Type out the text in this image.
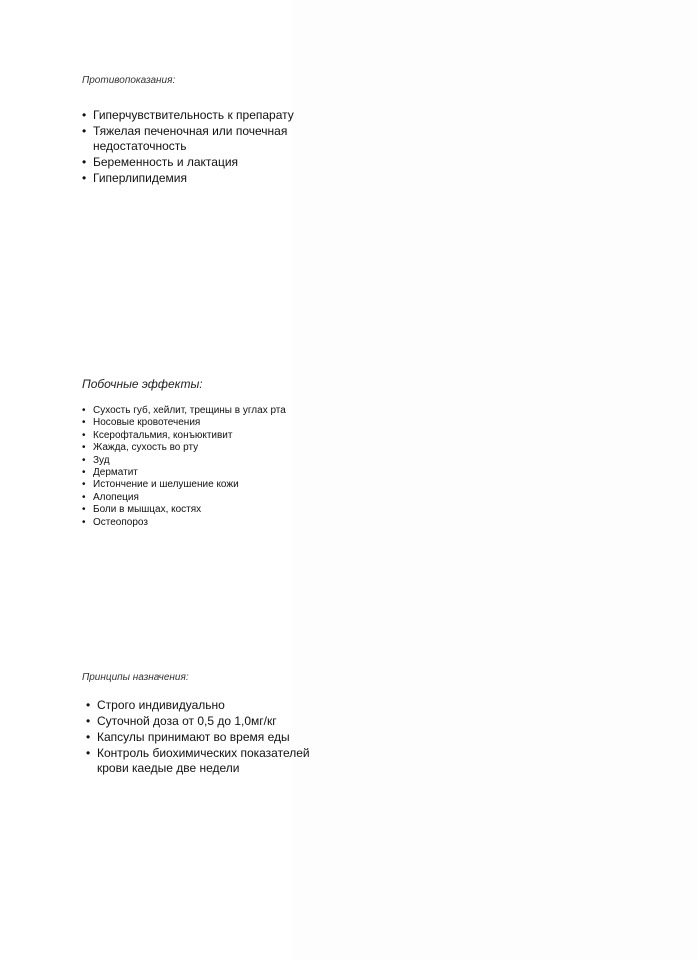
Противопоказания:

• Гиперчувствительность к препарату
• Тяжелая печеночная или почечная недостаточность
• Беременность и лактация
• Гиперлипидемия

Побочные эффекты:

• Сухость губ, хейлит, трещины в углах рта
• Носовые кровотечения
• Ксерофтальмия, конъюктивит
• Жажда, сухость во рту
• Зуд
• Дерматит
• Истончение и шелушение кожи
• Алопеция
• Боли в мышцах, костях
• Остеопороз

Принципы назначения:

• Строго индивидуально
• Суточной доза от 0,5 до 1,0мг/кг
• Капсулы принимают во время еды
• Контроль биохимических показателей крови каедые две недели
